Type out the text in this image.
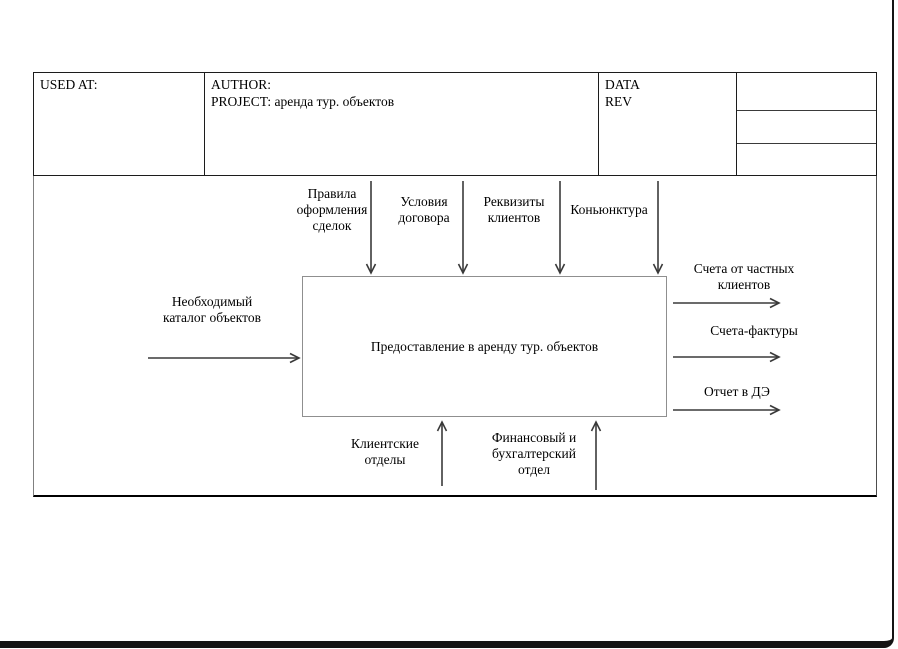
USED AT:	AUTHOR:
PROJECT: аренда тур. объектов
DATA
REV
Предоставление в аренду тур. объектов
Правила оформления сделок
Условия договора
Реквизиты клиентов
Коньюнктура
Необходимый каталог объектов
Счета от частных клиентов
Счета-фактуры
Отчет в ДЭ
Клиентские отделы
Финансовый и бухгалтерский отдел
